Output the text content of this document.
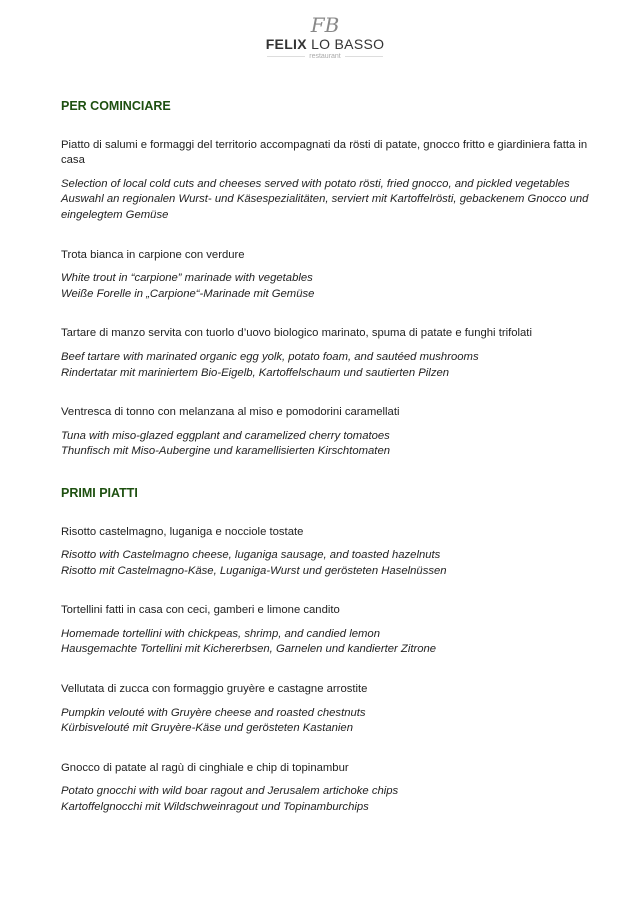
FB
FELIX LO BASSO
restaurant
PER COMINCIARE

Piatto di salumi e formaggi del territorio accompagnati da rösti di patate, gnocco fritto e giardiniera fatta in casa

Selection of local cold cuts and cheeses served with potato rösti, fried gnocco, and pickled vegetables

Auswahl an regionalen Wurst- und Käsespezialitäten, serviert mit Kartoffelrösti, gebackenem Gnocco und eingelegtem Gemüse

Trota bianca in carpione con verdure

White trout in “carpione” marinade with vegetables

Weiße Forelle in „Carpione“-Marinade mit Gemüse

Tartare di manzo servita con tuorlo d’uovo biologico marinato, spuma di patate e funghi trifolati

Beef tartare with marinated organic egg yolk, potato foam, and sautéed mushrooms

Rindertatar mit mariniertem Bio-Eigelb, Kartoffelschaum und sautierten Pilzen

Ventresca di tonno con melanzana al miso e pomodorini caramellati

Tuna with miso-glazed eggplant and caramelized cherry tomatoes

Thunfisch mit Miso-Aubergine und karamellisierten Kirschtomaten

PRIMI PIATTI

Risotto castelmagno, luganiga e nocciole tostate

Risotto with Castelmagno cheese, luganiga sausage, and toasted hazelnuts

Risotto mit Castelmagno-Käse, Luganiga-Wurst und gerösteten Haselnüssen

Tortellini fatti in casa con ceci, gamberi e limone candito

Homemade tortellini with chickpeas, shrimp, and candied lemon

Hausgemachte Tortellini mit Kichererbsen, Garnelen und kandierter Zitrone

Vellutata di zucca con formaggio gruyère e castagne arrostite

Pumpkin velouté with Gruyère cheese and roasted chestnuts

Kürbisvelouté mit Gruyère-Käse und gerösteten Kastanien

Gnocco di patate al ragù di cinghiale e chip di topinambur

Potato gnocchi with wild boar ragout and Jerusalem artichoke chips

Kartoffelgnocchi mit Wildschweinragout und Topinamburchips
